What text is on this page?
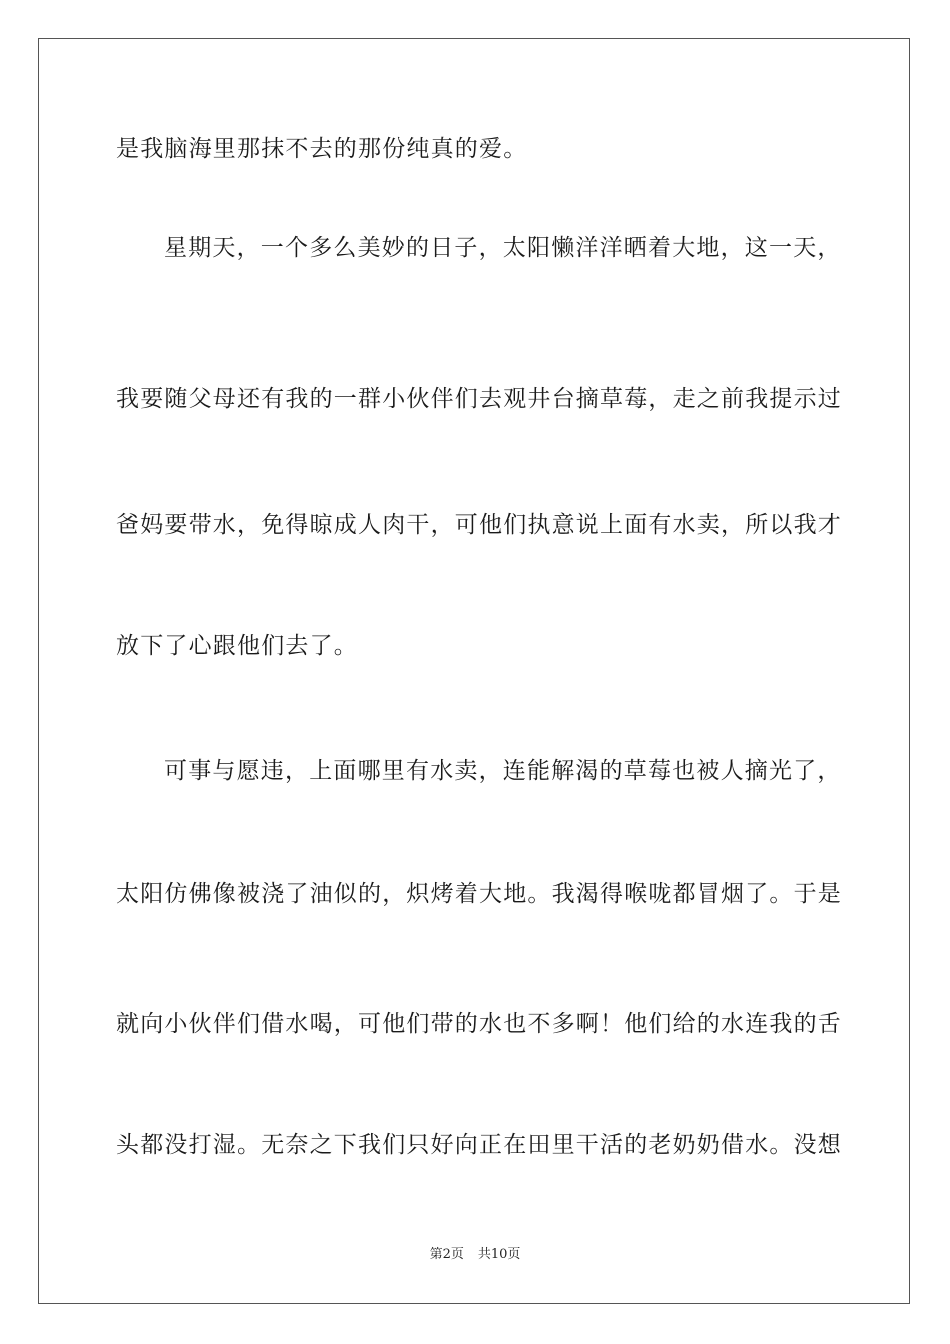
是我脑海里那抹不去的那份纯真的爱。
星期天，一个多么美妙的日子，太阳懒洋洋晒着大地，这一天，
我要随父母还有我的一群小伙伴们去观井台摘草莓，走之前我提示过
爸妈要带水，免得晾成人肉干，可他们执意说上面有水卖，所以我才
放下了心跟他们去了。
可事与愿违，上面哪里有水卖，连能解渴的草莓也被人摘光了，
太阳仿佛像被浇了油似的，炽烤着大地。我渴得喉咙都冒烟了。于是
就向小伙伴们借水喝，可他们带的水也不多啊！他们给的水连我的舌
头都没打湿。无奈之下我们只好向正在田里干活的老奶奶借水。没想
第2页 共10页
